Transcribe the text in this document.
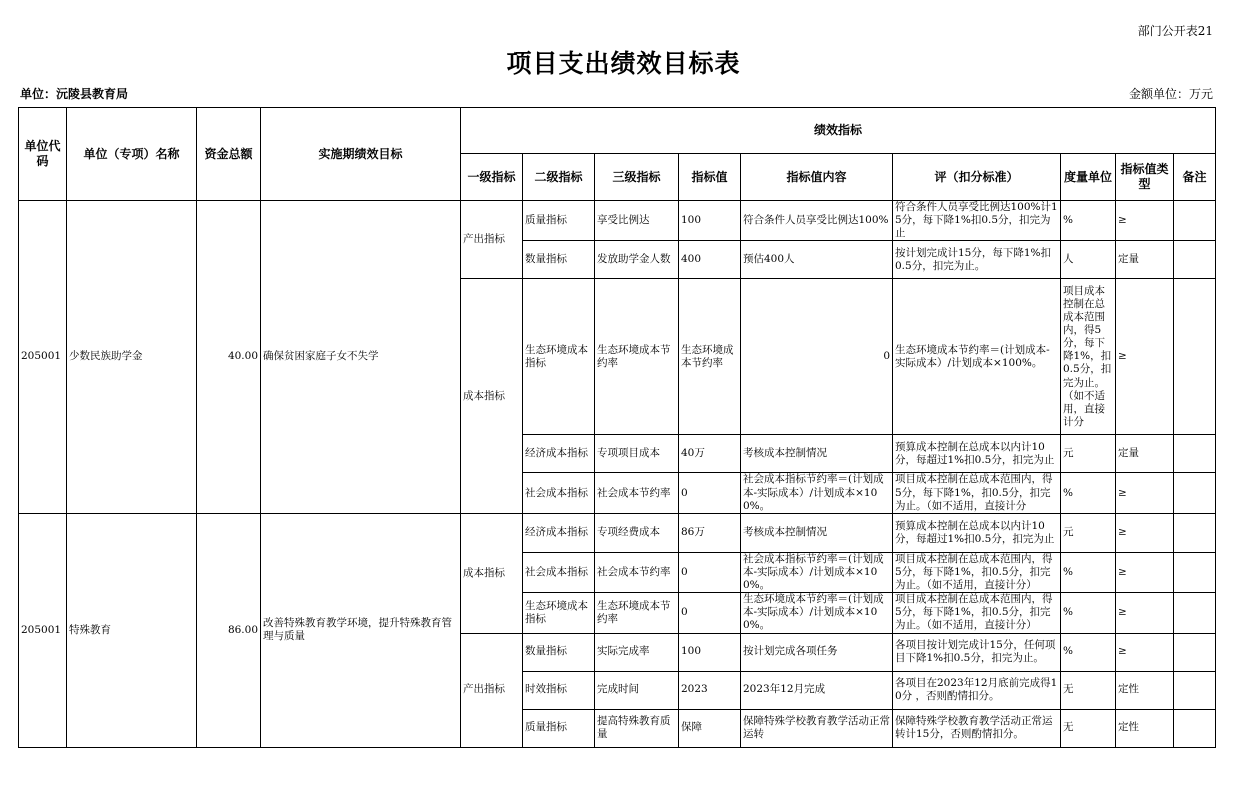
部门公开表21
项目支出绩效目标表
单位：沅陵县教育局	金额单位：万元
单位代码	单位（专项）名称	资金总额	实施期绩效目标	绩效指标								
				一级指标	二级指标	三级指标	指标值	指标值内容	评（扣分标准）	度量单位	指标值类型	备注
205001	少数民族助学金	40.00	确保贫困家庭子女不失学	产出指标	质量指标	享受比例达	100	符合条件人员享受比例达100%	符合条件人员享受比例达100%计15分，每下降1%扣0.5分，扣完为止	%	≥	
					数量指标	发放助学金人数	400	预估400人	按计划完成计15分，每下降1%扣0.5分，扣完为止。	人	定量	
				成本指标	生态环境成本指标	生态环境成本节约率	生态环境成本节约率	0	生态环境成本节约率＝(计划成本-实际成本）/计划成本×100%。	项目成本控制在总成本范围内，得5分，每下降1%，扣0.5分，扣完为止。（如不适用，直接计分	≥	
					经济成本指标	专项项目成本	40万	考核成本控制情况	预算成本控制在总成本以内计10分，每超过1%扣0.5分，扣完为止	元	定量	
					社会成本指标	社会成本节约率	0	社会成本指标节约率＝(计划成本-实际成本）/计划成本×100%。	项目成本控制在总成本范围内，得5分，每下降1%，扣0.5分，扣完为止。（如不适用，直接计分	%	≥	
205001	特殊教育	86.00	改善特殊教育教学环境，提升特殊教育管理与质量	成本指标	经济成本指标	专项经费成本	86万	考核成本控制情况	预算成本控制在总成本以内计10分，每超过1%扣0.5分，扣完为止	元	≥	
					社会成本指标	社会成本节约率	0	社会成本指标节约率＝(计划成本-实际成本）/计划成本×100%。	项目成本控制在总成本范围内，得5分，每下降1%，扣0.5分，扣完为止。（如不适用，直接计分）	%	≥	
					生态环境成本指标	生态环境成本节约率	0	生态环境成本节约率＝(计划成本-实际成本）/计划成本×100%。	项目成本控制在总成本范围内，得5分，每下降1%，扣0.5分，扣完为止。（如不适用，直接计分）	%	≥	
				产出指标	数量指标	实际完成率	100	按计划完成各项任务	各项目按计划完成计15分，任何项目下降1%扣0.5分，扣完为止。	%	≥	
					时效指标	完成时间	2023	2023年12月完成	各项目在2023年12月底前完成得10分 ，否则酌情扣分。	无	定性	
					质量指标	提高特殊教育质量	保障	保障特殊学校教育教学活动正常运转	保障特殊学校教育教学活动正常运转计15分，否则酌情扣分。	无	定性	
